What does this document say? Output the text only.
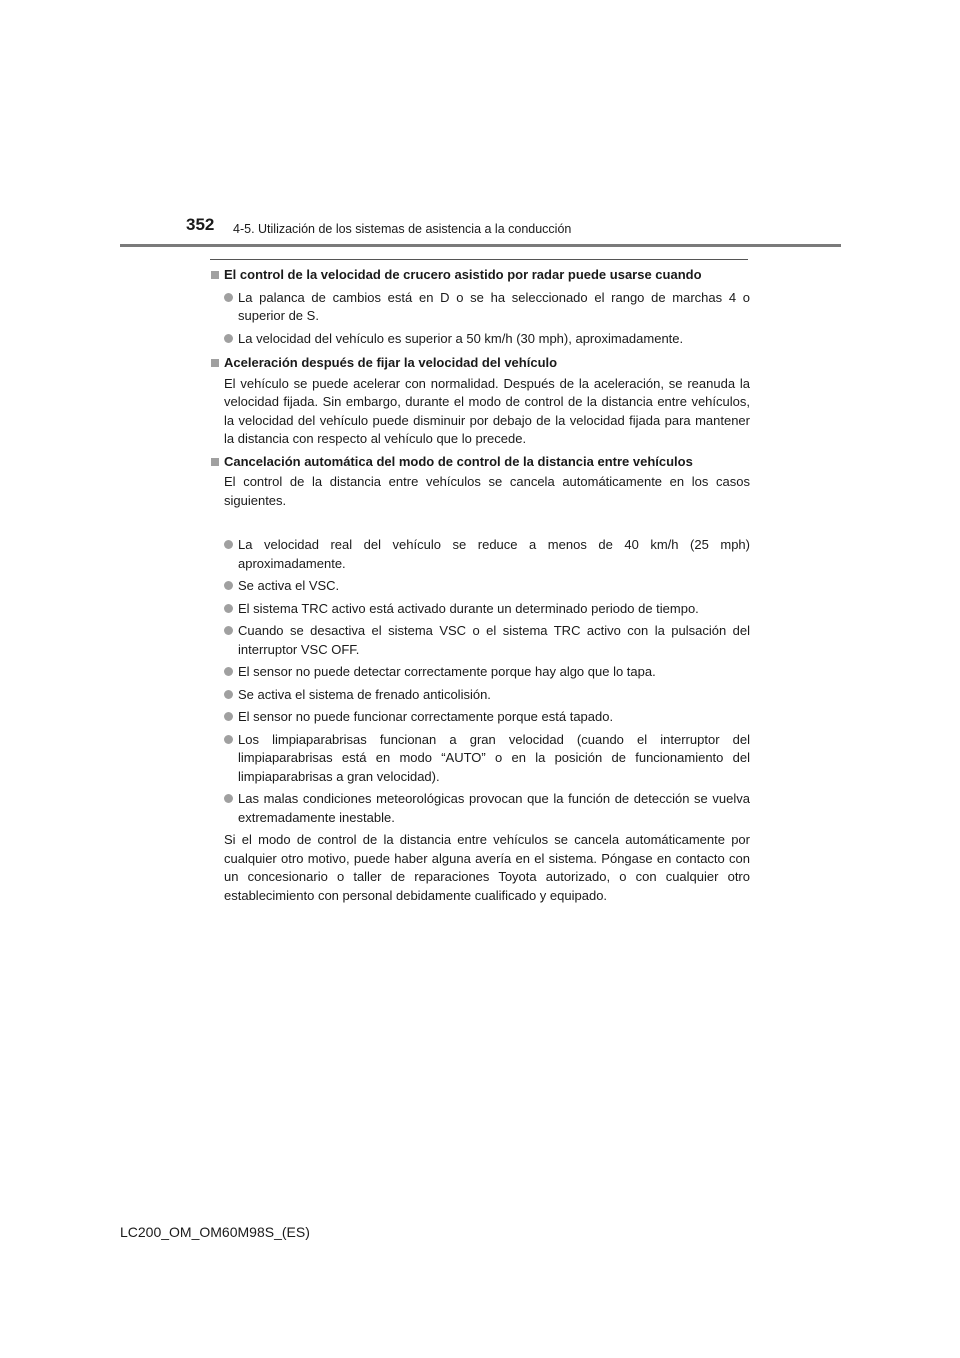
352 4-5. Utilización de los sistemas de asistencia a la conducción
El control de la velocidad de crucero asistido por radar puede usarse cuando
La palanca de cambios está en D o se ha seleccionado el rango de marchas 4 o superior de S.
La velocidad del vehículo es superior a 50 km/h (30 mph), aproximadamente.
Aceleración después de fijar la velocidad del vehículo
El vehículo se puede acelerar con normalidad. Después de la aceleración, se reanuda la velocidad fijada. Sin embargo, durante el modo de control de la distancia entre vehículos, la velocidad del vehículo puede disminuir por debajo de la velocidad fijada para mantener la distancia con respecto al vehículo que lo precede.
Cancelación automática del modo de control de la distancia entre vehículos
El control de la distancia entre vehículos se cancela automáticamente en los casos siguientes.
La velocidad real del vehículo se reduce a menos de 40 km/h (25 mph) aproximadamente.
Se activa el VSC.
El sistema TRC activo está activado durante un determinado periodo de tiempo.
Cuando se desactiva el sistema VSC o el sistema TRC activo con la pulsación del interruptor VSC OFF.
El sensor no puede detectar correctamente porque hay algo que lo tapa.
Se activa el sistema de frenado anticolisión.
El sensor no puede funcionar correctamente porque está tapado.
Los limpiaparabrisas funcionan a gran velocidad (cuando el interruptor del limpiaparabrisas está en modo “AUTO” o en la posición de funcionamiento del limpiaparabrisas a gran velocidad).
Las malas condiciones meteorológicas provocan que la función de detección se vuelva extremadamente inestable.
Si el modo de control de la distancia entre vehículos se cancela automáticamente por cualquier otro motivo, puede haber alguna avería en el sistema. Póngase en contacto con un concesionario o taller de reparaciones Toyota autorizado, o con cualquier otro establecimiento con personal debidamente cualificado y equipado.
LC200_OM_OM60M98S_(ES)
